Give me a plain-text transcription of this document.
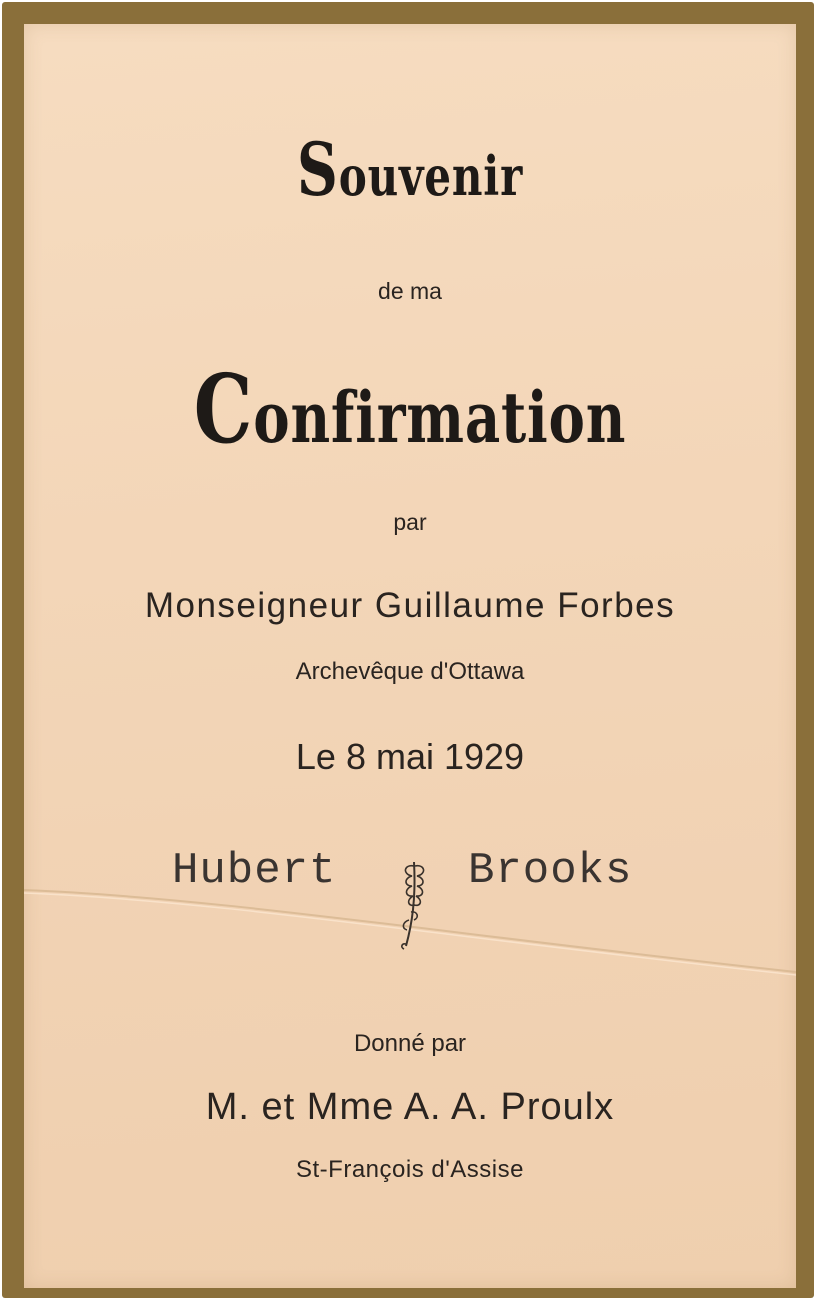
Souvenir
de ma
Confirmation
par
Monseigneur Guillaume Forbes
Archevêque d'Ottawa
Le 8 mai 1929
Hubert	Brooks
Donné par
M. et Mme A. A. Proulx
St-François d'Assise
